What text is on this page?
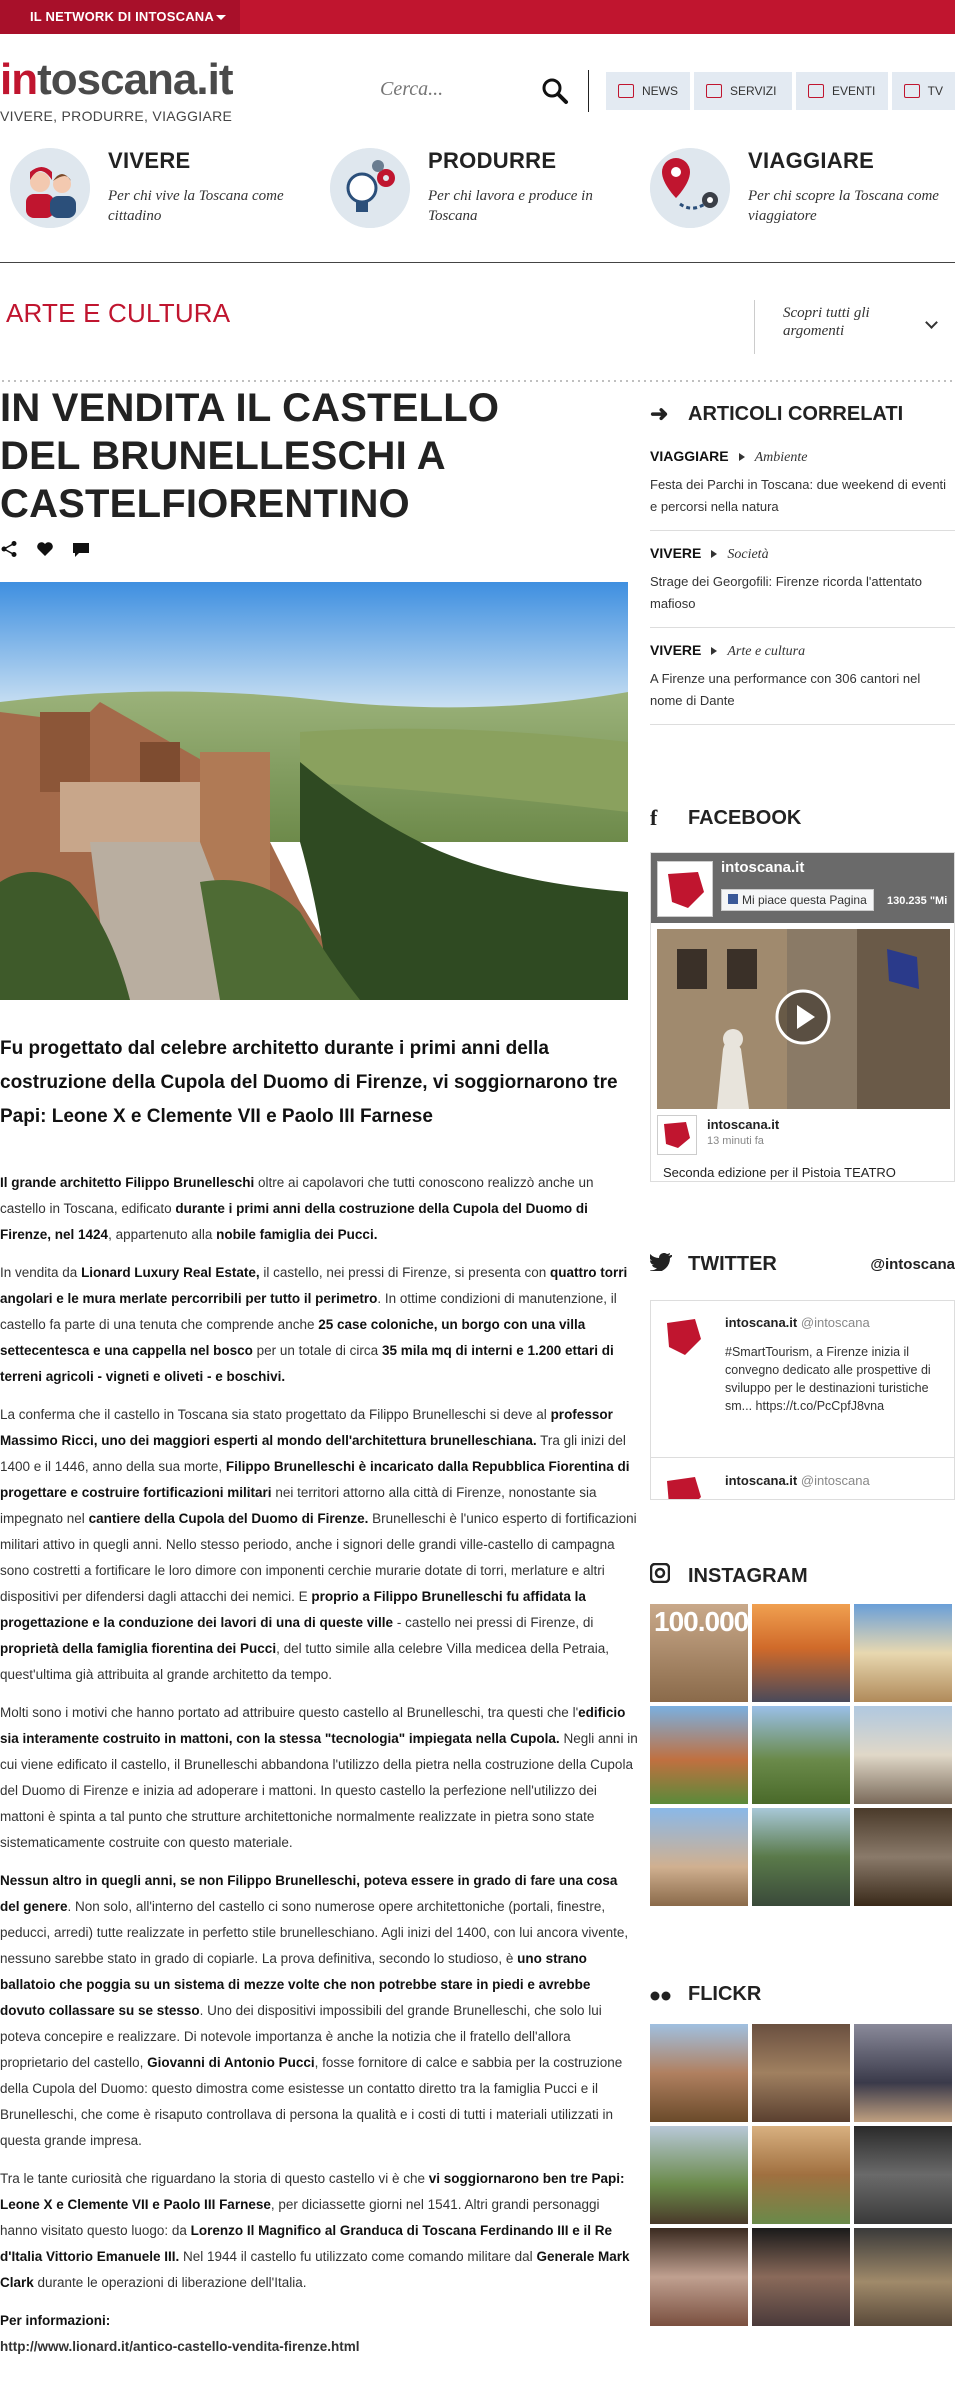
IL NETWORK DI INTOSCANA
intoscana.it
VIVERE, PRODURRE, VIAGGIARE
Cerca...
NEWS	SERVIZI	EVENTI	TV
VIVERE
Per chi vive la Toscana come cittadino
PRODURRE
Per chi lavora e produce in Toscana
VIAGGIARE
Per chi scopre la Toscana come viaggiatore
ARTE E CULTURA	Scopri tutti gli argomenti
IN VENDITA IL CASTELLO DEL BRUNELLESCHI A CASTELFIORENTINO
Fu progettato dal celebre architetto durante i primi anni della costruzione della Cupola del Duomo di Firenze, vi soggiornarono tre Papi: Leone X e Clemente VII e Paolo III Farnese

Il grande architetto Filippo Brunelleschi oltre ai capolavori che tutti conoscono realizzò anche un castello in Toscana, edificato durante i primi anni della costruzione della Cupola del Duomo di Firenze, nel 1424, appartenuto alla nobile famiglia dei Pucci.

In vendita da Lionard Luxury Real Estate, il castello, nei pressi di Firenze, si presenta con quattro torri angolari e le mura merlate percorribili per tutto il perimetro. In ottime condizioni di manutenzione, il castello fa parte di una tenuta che comprende anche 25 case coloniche, un borgo con una villa settecentesca e una cappella nel bosco per un totale di circa 35 mila mq di interni e 1.200 ettari di terreni agricoli - vigneti e oliveti - e boschivi.

La conferma che il castello in Toscana sia stato progettato da Filippo Brunelleschi si deve al professor Massimo Ricci, uno dei maggiori esperti al mondo dell'architettura brunelleschiana. Tra gli inizi del 1400 e il 1446, anno della sua morte, Filippo Brunelleschi è incaricato dalla Repubblica Fiorentina di progettare e costruire fortificazioni militari nei territori attorno alla città di Firenze, nonostante sia impegnato nel cantiere della Cupola del Duomo di Firenze. Brunelleschi è l'unico esperto di fortificazioni militari attivo in quegli anni. Nello stesso periodo, anche i signori delle grandi ville-castello di campagna sono costretti a fortificare le loro dimore con imponenti cerchie murarie dotate di torri, merlature e altri dispositivi per difendersi dagli attacchi dei nemici. E proprio a Filippo Brunelleschi fu affidata la progettazione e la conduzione dei lavori di una di queste ville - castello nei pressi di Firenze, di proprietà della famiglia fiorentina dei Pucci, del tutto simile alla celebre Villa medicea della Petraia, quest'ultima già attribuita al grande architetto da tempo.

Molti sono i motivi che hanno portato ad attribuire questo castello al Brunelleschi, tra questi che l'edificio sia interamente costruito in mattoni, con la stessa "tecnologia" impiegata nella Cupola. Negli anni in cui viene edificato il castello, il Brunelleschi abbandona l'utilizzo della pietra nella costruzione della Cupola del Duomo di Firenze e inizia ad adoperare i mattoni. In questo castello la perfezione nell'utilizzo dei mattoni è spinta a tal punto che strutture architettoniche normalmente realizzate in pietra sono state sistematicamente costruite con questo materiale.

Nessun altro in quegli anni, se non Filippo Brunelleschi, poteva essere in grado di fare una cosa del genere. Non solo, all'interno del castello ci sono numerose opere architettoniche (portali, finestre, peducci, arredi) tutte realizzate in perfetto stile brunelleschiano. Agli inizi del 1400, con lui ancora vivente, nessuno sarebbe stato in grado di copiarle. La prova definitiva, secondo lo studioso, è uno strano ballatoio che poggia su un sistema di mezze volte che non potrebbe stare in piedi e avrebbe dovuto collassare su se stesso. Uno dei dispositivi impossibili del grande Brunelleschi, che solo lui poteva concepire e realizzare. Di notevole importanza è anche la notizia che il fratello dell'allora proprietario del castello, Giovanni di Antonio Pucci, fosse fornitore di calce e sabbia per la costruzione della Cupola del Duomo: questo dimostra come esistesse un contatto diretto tra la famiglia Pucci e il Brunelleschi, che come è risaputo controllava di persona la qualità e i costi di tutti i materiali utilizzati in questa grande impresa.

Tra le tante curiosità che riguardano la storia di questo castello vi è che vi soggiornarono ben tre Papi: Leone X e Clemente VII e Paolo III Farnese, per diciassette giorni nel 1541. Altri grandi personaggi hanno visitato questo luogo: da Lorenzo Il Magnifico al Granduca di Toscana Ferdinando III e il Re d'Italia Vittorio Emanuele III. Nel 1944 il castello fu utilizzato come comando militare dal Generale Mark Clark durante le operazioni di liberazione dell'Italia.

Per informazioni:
http://www.lionard.it/antico-castello-vendita-firenze.html

➜ ARTICOLI CORRELATI
VIAGGIARE Ambiente
Festa dei Parchi in Toscana: due weekend di eventi e percorsi nella natura
VIVERE Società
Strage dei Georgofili: Firenze ricorda l'attentato mafioso
VIVERE Arte e cultura
A Firenze una performance con 306 cantori nel nome di Dante
f	FACEBOOK
intoscana.it
Mi piace questa Pagina	130.235 "Mi
intoscana.it
13 minuti fa
Seconda edizione per il Pistoia TEATRO
TWITTER	@intoscana
intoscana.it @intoscana
#SmartTourism, a Firenze inizia il convegno dedicato alle prospettive di sviluppo per le destinazioni turistiche sm... https://t.co/PcCpfJ8vna
intoscana.it @intoscana
INSTAGRAM
100.000
FLICKR
